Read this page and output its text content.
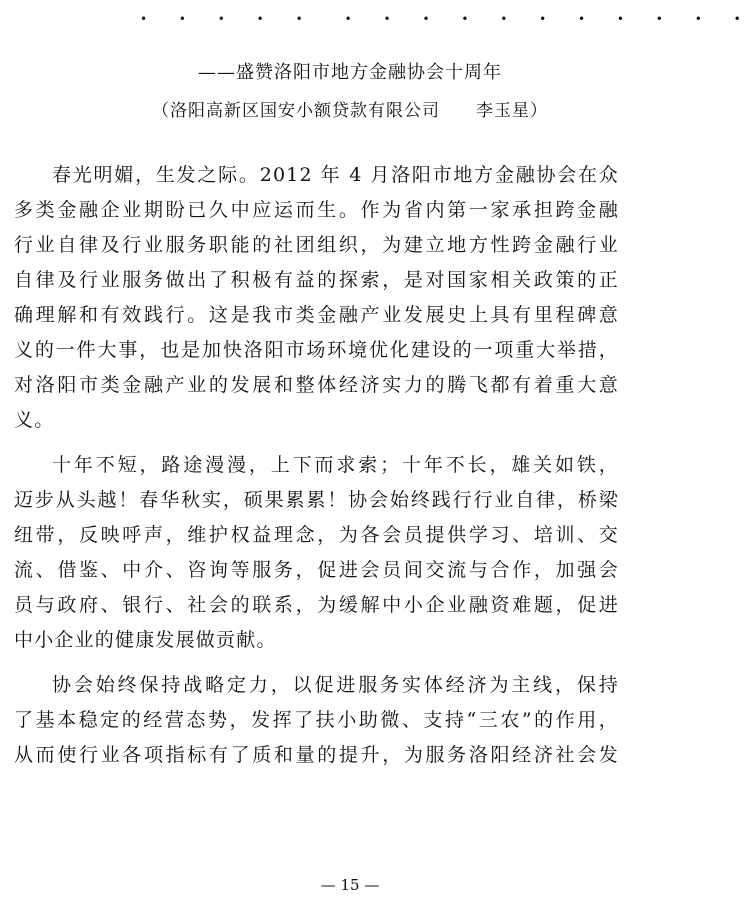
• • • • • • • • • • • • • • • •
——盛赞洛阳市地方金融协会十周年
（洛阳高新区国安小额贷款有限公司　　李玉星）

春光明媚，生发之际。2012 年 4 月洛阳市地方金融协会在众
多类金融企业期盼已久中应运而生。作为省内第一家承担跨金融
行业自律及行业服务职能的社团组织，为建立地方性跨金融行业
自律及行业服务做出了积极有益的探索，是对国家相关政策的正
确理解和有效践行。这是我市类金融产业发展史上具有里程碑意
义的一件大事，也是加快洛阳市场环境优化建设的一项重大举措，
对洛阳市类金融产业的发展和整体经济实力的腾飞都有着重大意
义。

十年不短，路途漫漫，上下而求索；十年不长，雄关如铁，
迈步从头越！春华秋实，硕果累累！协会始终践行行业自律，桥梁
纽带，反映呼声，维护权益理念，为各会员提供学习、培训、交
流、借鉴、中介、咨询等服务，促进会员间交流与合作，加强会
员与政府、银行、社会的联系，为缓解中小企业融资难题，促进
中小企业的健康发展做贡献。

协会始终保持战略定力，以促进服务实体经济为主线，保持
了基本稳定的经营态势，发挥了扶小助微、支持“三农”的作用，
从而使行业各项指标有了质和量的提升，为服务洛阳经济社会发

— 15 —
